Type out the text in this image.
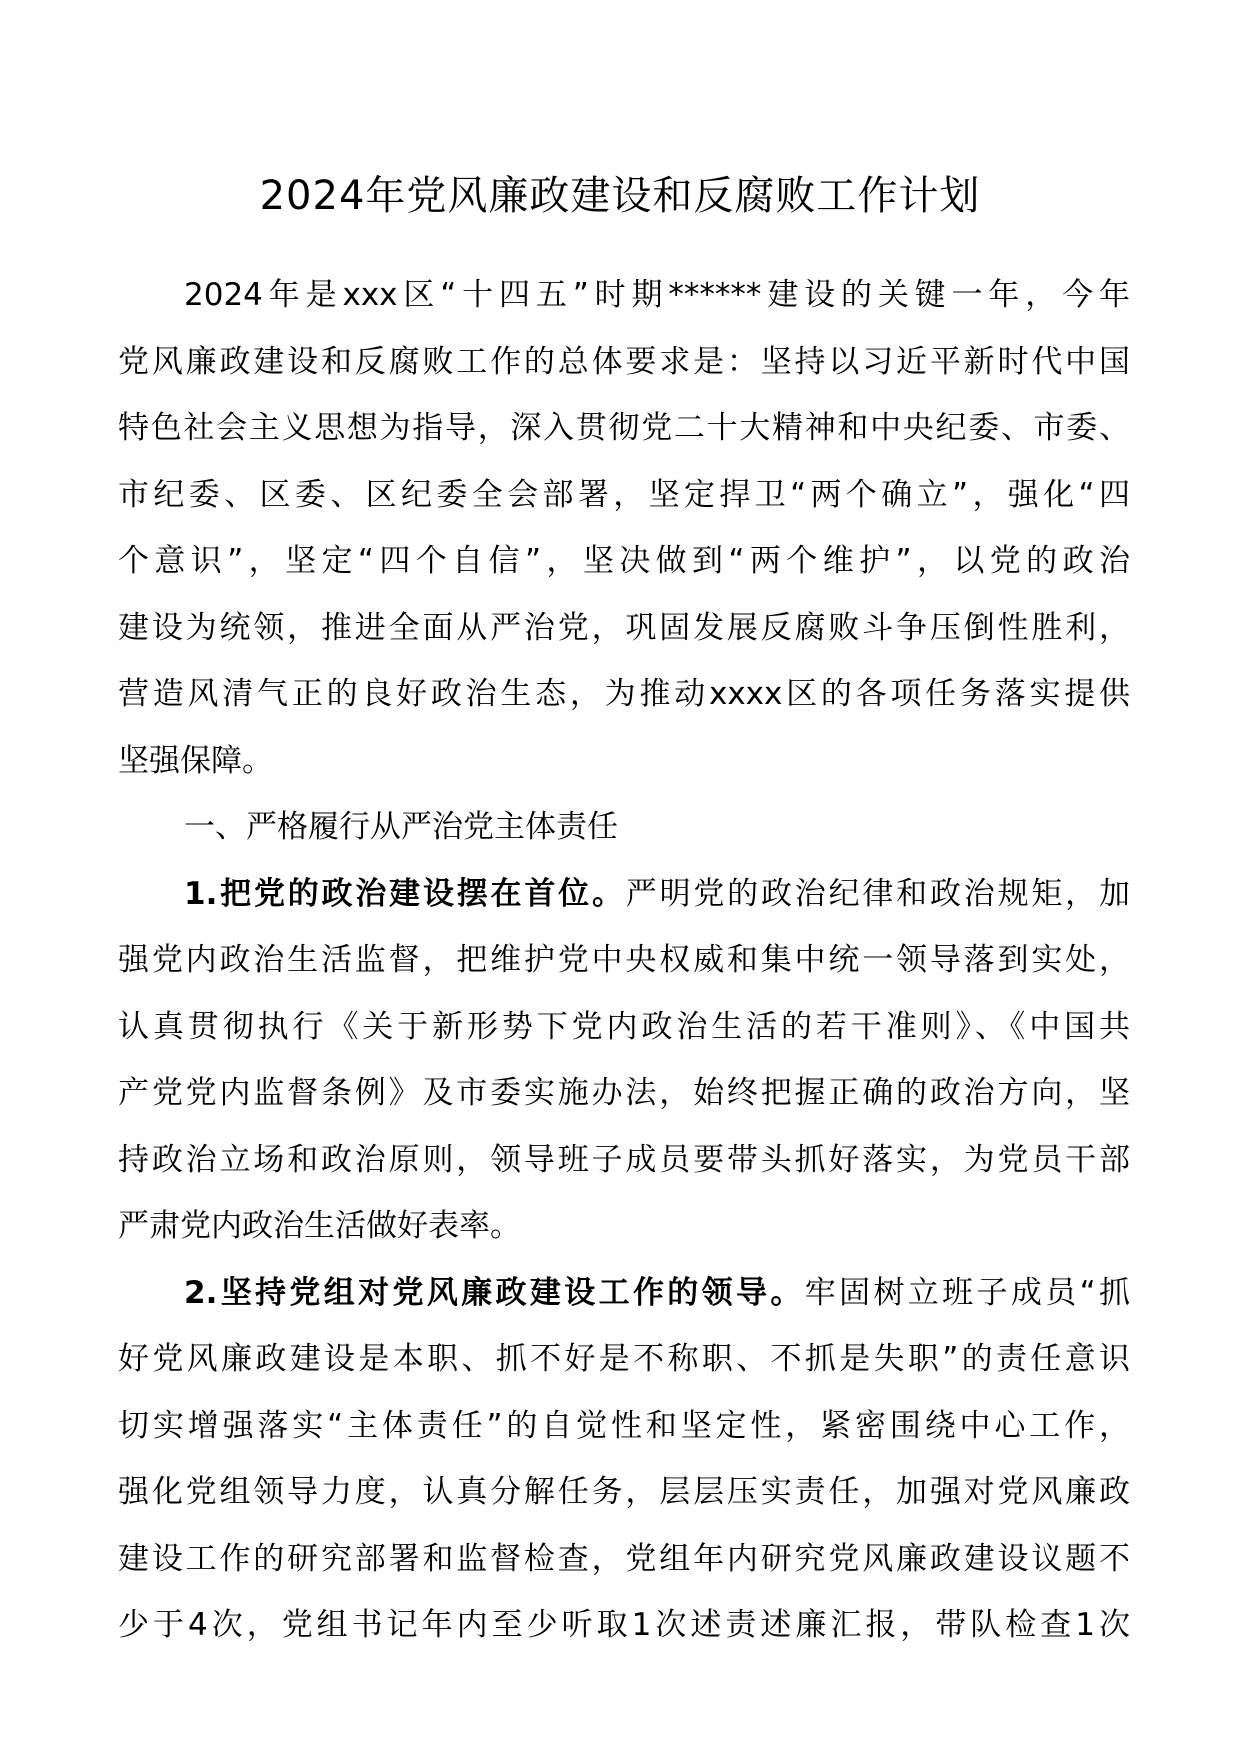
2024年党风廉政建设和反腐败工作计划
2024年是xxx区“十四五”时期******建设的关键一年，今年
党风廉政建设和反腐败工作的总体要求是：坚持以习近平新时代中国
特色社会主义思想为指导，深入贯彻党二十大精神和中央纪委、市委、
市纪委、区委、区纪委全会部署，坚定捍卫“两个确立”，强化“四
个意识”，坚定“四个自信”，坚决做到“两个维护”，以党的政治
建设为统领，推进全面从严治党，巩固发展反腐败斗争压倒性胜利，
营造风清气正的良好政治生态，为推动xxxx区的各项任务落实提供
坚强保障。
一、严格履行从严治党主体责任
1.把党的政治建设摆在首位。严明党的政治纪律和政治规矩，加
强党内政治生活监督，把维护党中央权威和集中统一领导落到实处，
认真贯彻执行《关于新形势下党内政治生活的若干准则》、《中国共
产党党内监督条例》及市委实施办法，始终把握正确的政治方向，坚
持政治立场和政治原则，领导班子成员要带头抓好落实，为党员干部
严肃党内政治生活做好表率。
2.坚持党组对党风廉政建设工作的领导。牢固树立班子成员“抓
好党风廉政建设是本职、抓不好是不称职、不抓是失职”的责任意识
切实增强落实“主体责任”的自觉性和坚定性，紧密围绕中心工作，
强化党组领导力度，认真分解任务，层层压实责任，加强对党风廉政
建设工作的研究部署和监督检查，党组年内研究党风廉政建设议题不
少于4次，党组书记年内至少听取1次述责述廉汇报，带队检查1次
